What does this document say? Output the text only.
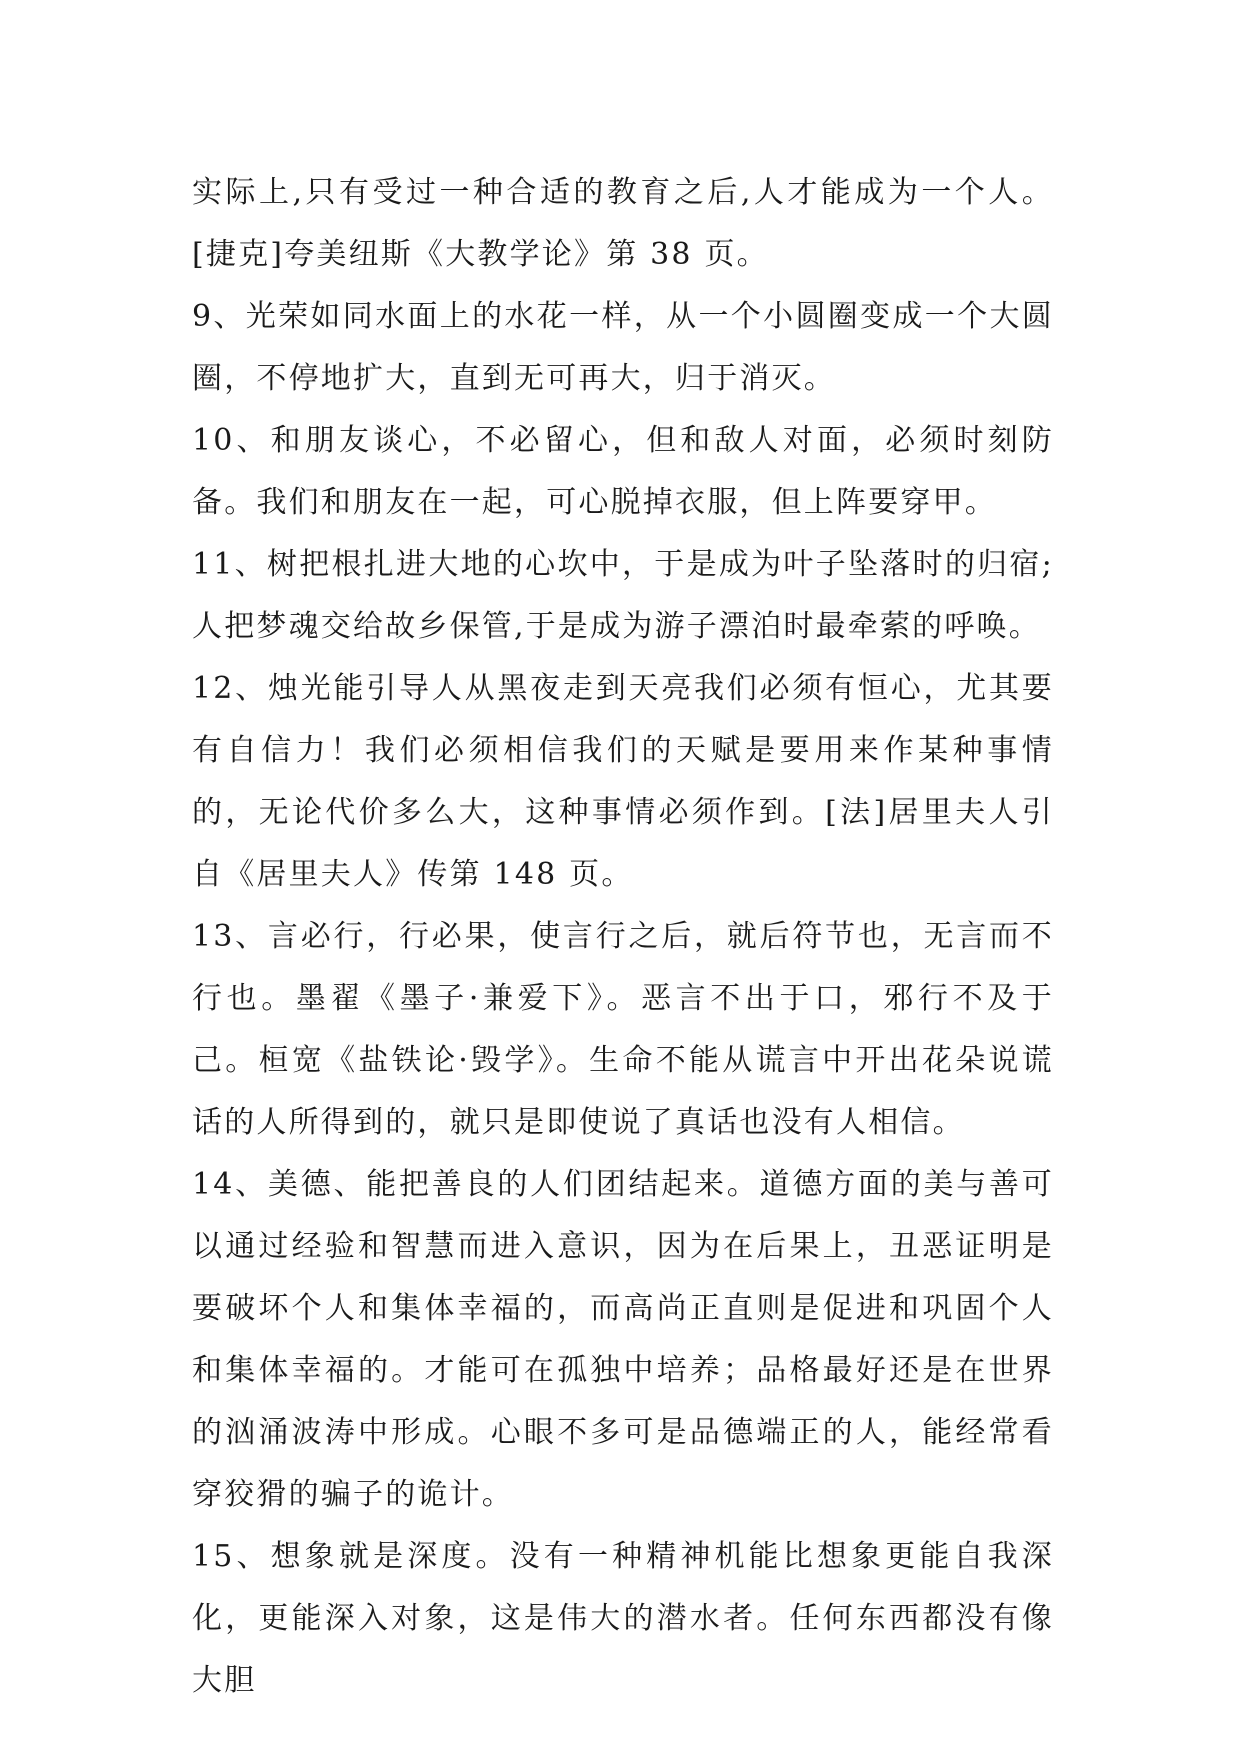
实际上,只有受过一种合适的教育之后,人才能成为一个人。[捷克]夸美纽斯《大教学论》第 38 页。

9、光荣如同水面上的水花一样，从一个小圆圈变成一个大圆圈，不停地扩大，直到无可再大，归于消灭。

10、和朋友谈心，不必留心，但和敌人对面，必须时刻防备。我们和朋友在一起，可心脱掉衣服，但上阵要穿甲。

11、树把根扎进大地的心坎中，于是成为叶子坠落时的归宿;人把梦魂交给故乡保管,于是成为游子漂泊时最牵萦的呼唤。

12、烛光能引导人从黑夜走到天亮我们必须有恒心，尤其要有自信力！我们必须相信我们的天赋是要用来作某种事情的，无论代价多么大，这种事情必须作到。[法]居里夫人引自《居里夫人》传第 148 页。

13、言必行，行必果，使言行之后，就后符节也，无言而不行也。墨翟《墨子·兼爱下》。恶言不出于口，邪行不及于己。桓宽《盐铁论·毁学》。生命不能从谎言中开出花朵说谎话的人所得到的，就只是即使说了真话也没有人相信。

14、美德、能把善良的人们团结起来。道德方面的美与善可以通过经验和智慧而进入意识，因为在后果上，丑恶证明是要破坏个人和集体幸福的，而高尚正直则是促进和巩固个人和集体幸福的。才能可在孤独中培养；品格最好还是在世界的汹涌波涛中形成。心眼不多可是品德端正的人，能经常看穿狡猾的骗子的诡计。

15、想象就是深度。没有一种精神机能比想象更能自我深化，更能深入对象，这是伟大的潜水者。任何东西都没有像大胆
